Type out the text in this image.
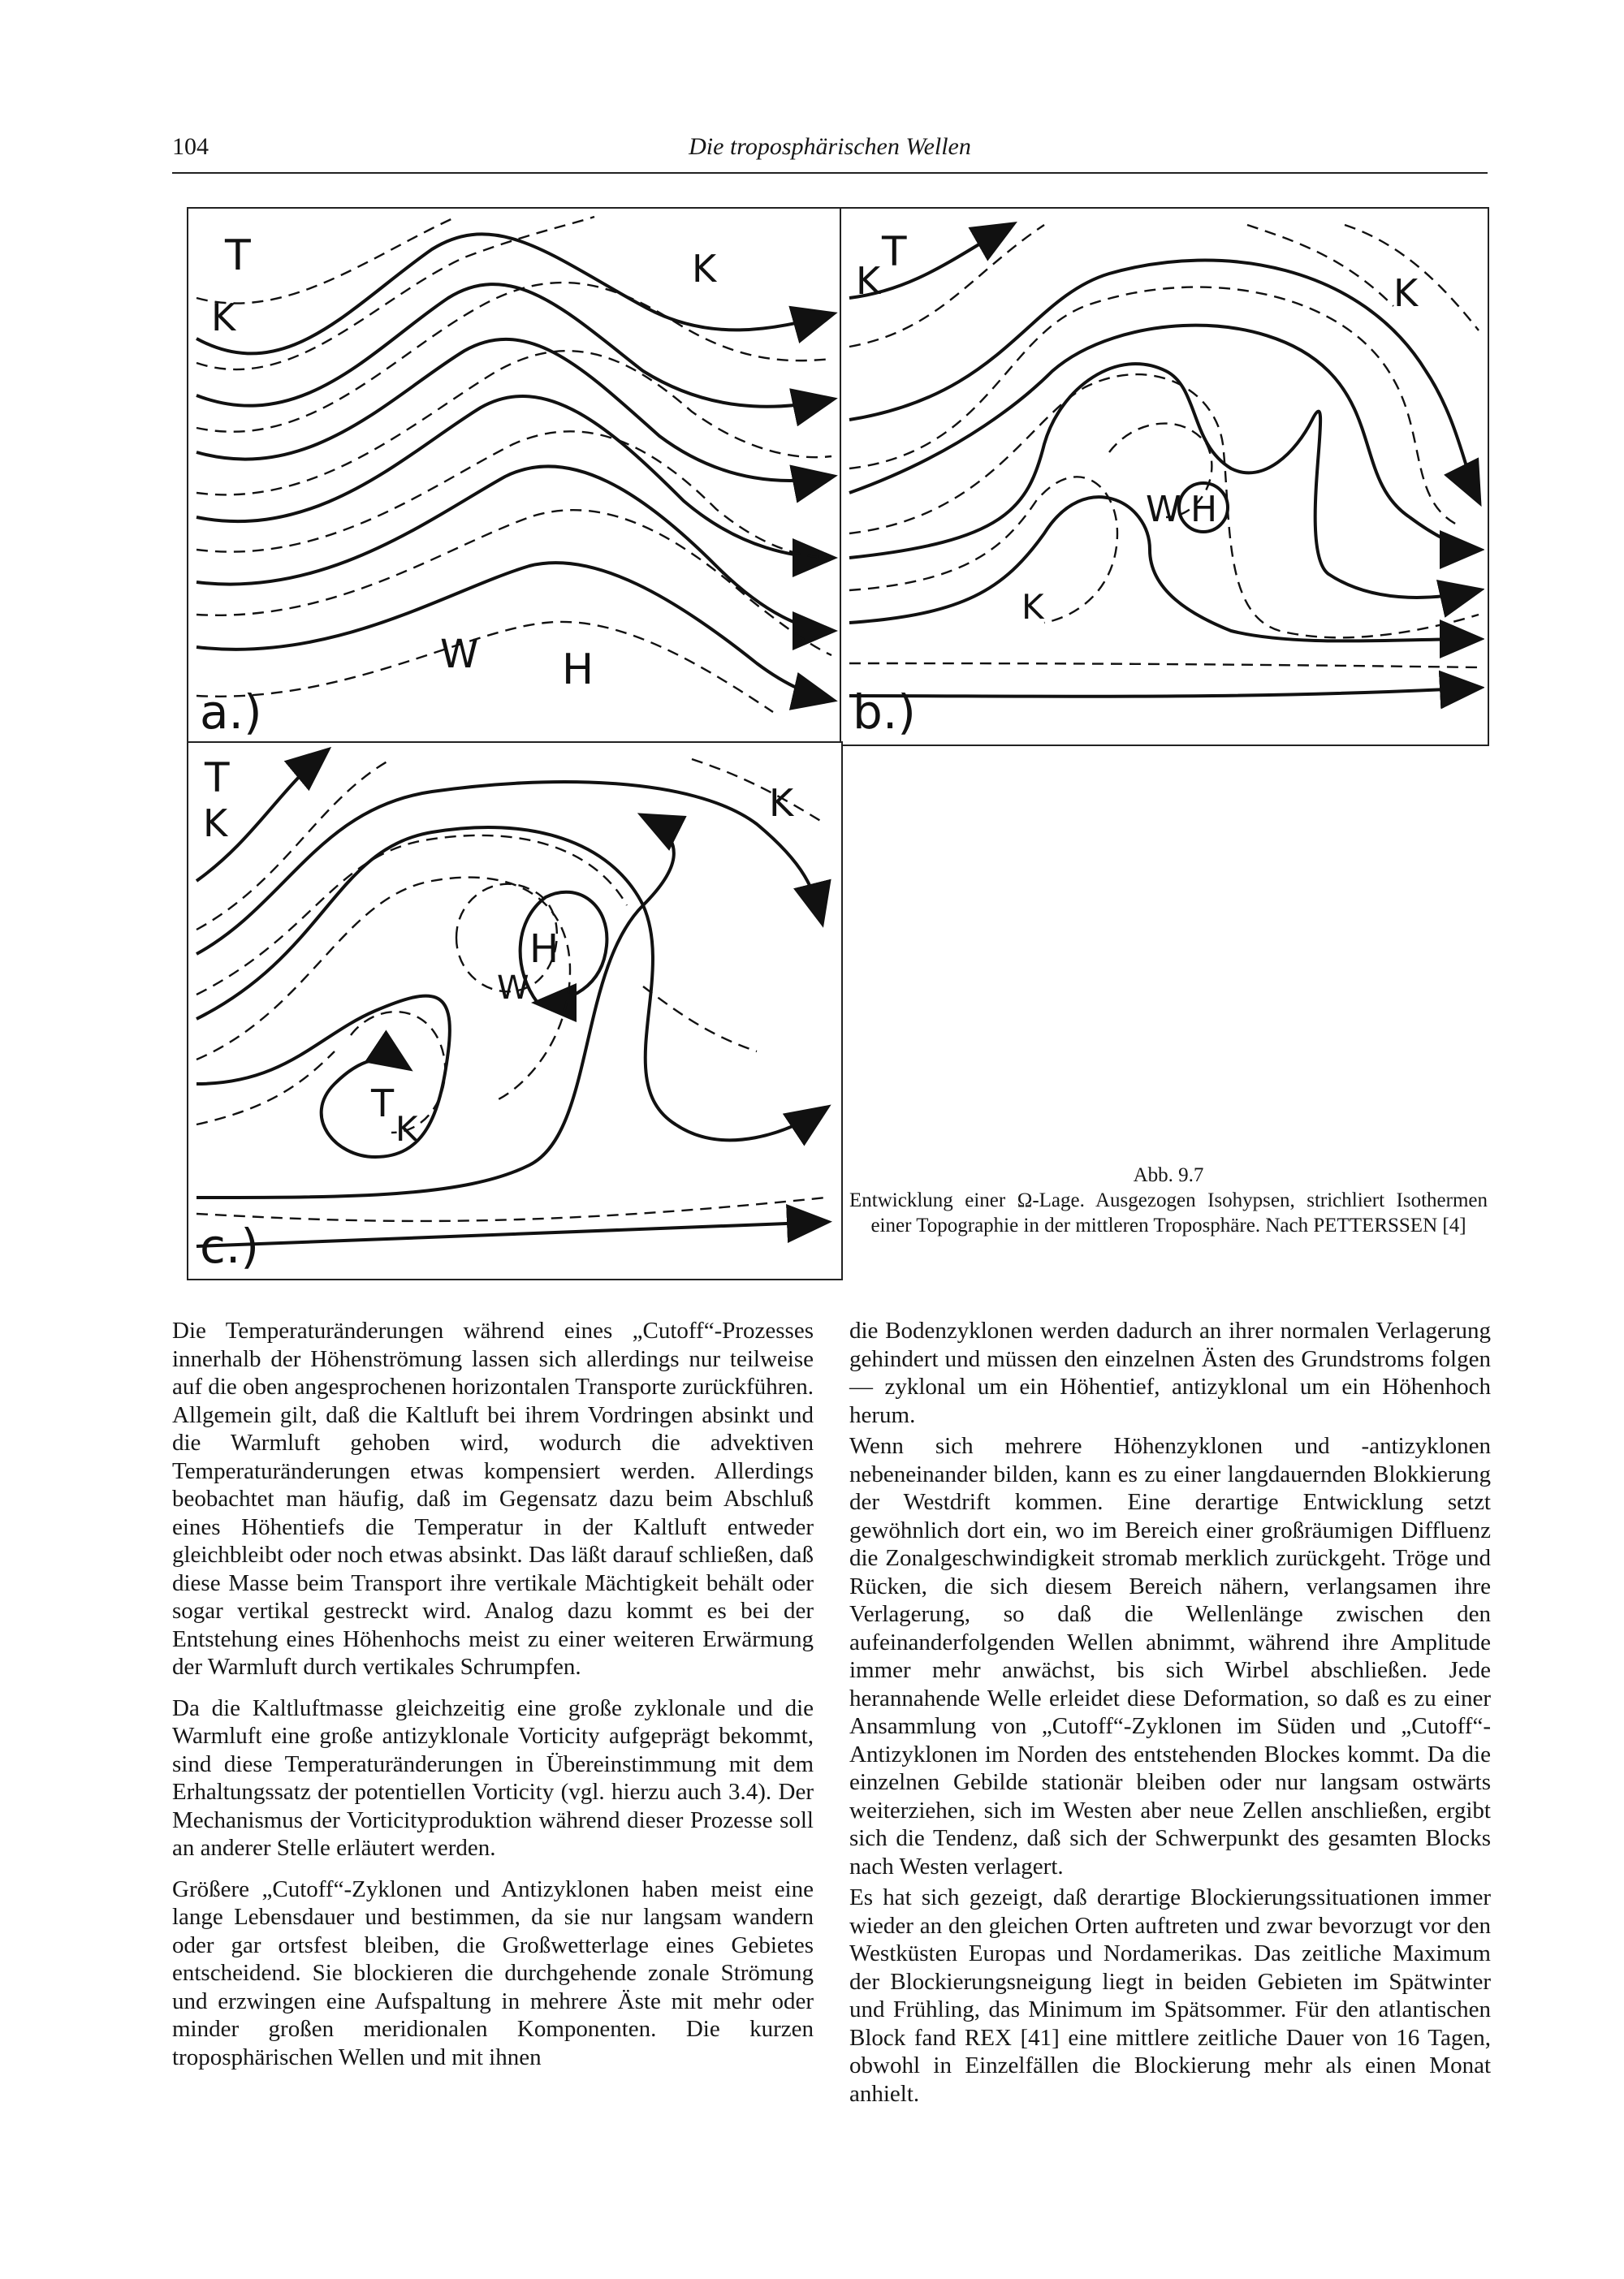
104	Die troposphärischen Wellen
T
K
K
W H
a.)
K
T
K
W H
K
b.)
T
K	K
H
W
T
K
c.)
Abb. 9.7
Entwicklung einer Ω-Lage. Ausgezogen Isohypsen, strichliert Isothermen einer Topographie in der mittleren Troposphäre. Nach PETTERSSEN [4]

Die Temperaturänderungen während eines „Cutoff“-Prozesses innerhalb der Höhenströmung lassen sich allerdings nur teilweise auf die oben angesprochenen horizontalen Transporte zurückführen. Allgemein gilt, daß die Kaltluft bei ihrem Vordringen absinkt und die Warmluft gehoben wird, wodurch die advektiven Temperaturänderungen etwas kompensiert werden. Allerdings beobachtet man häufig, daß im Gegensatz dazu beim Abschluß eines Höhentiefs die Temperatur in der Kaltluft entweder gleichbleibt oder noch etwas absinkt. Das läßt darauf schließen, daß diese Masse beim Transport ihre vertikale Mächtigkeit behält oder sogar vertikal gestreckt wird. Analog dazu kommt es bei der Entstehung eines Höhenhochs meist zu einer weiteren Erwärmung der Warmluft durch vertikales Schrumpfen.

Da die Kaltluftmasse gleichzeitig eine große zyklonale und die Warmluft eine große antizyklonale Vorticity aufgeprägt bekommt, sind diese Temperaturänderungen in Übereinstimmung mit dem Erhaltungssatz der potentiellen Vorticity (vgl. hierzu auch 3.4). Der Mechanismus der Vorticityproduktion während dieser Prozesse soll an anderer Stelle erläutert werden.

Größere „Cutoff“-Zyklonen und Antizyklonen haben meist eine lange Lebensdauer und bestimmen, da sie nur langsam wandern oder gar ortsfest bleiben, die Großwetterlage eines Gebietes entscheidend. Sie blockieren die durchgehende zonale Strömung und erzwingen eine Aufspaltung in mehrere Äste mit mehr oder minder großen meridionalen Komponenten. Die kurzen troposphärischen Wellen und mit ihnen

die Bodenzyklonen werden dadurch an ihrer normalen Verlagerung gehindert und müssen den einzelnen Ästen des Grundstroms folgen — zyklonal um ein Höhentief, antizyklonal um ein Höhenhoch herum.

Wenn sich mehrere Höhenzyklonen und -antizyklonen nebeneinander bilden, kann es zu einer langdauernden Blokkierung der Westdrift kommen. Eine derartige Entwicklung setzt gewöhnlich dort ein, wo im Bereich einer großräumigen Diffluenz die Zonalgeschwindigkeit stromab merklich zurückgeht. Tröge und Rücken, die sich diesem Bereich nähern, verlangsamen ihre Verlagerung, so daß die Wellenlänge zwischen den aufeinanderfolgenden Wellen abnimmt, während ihre Amplitude immer mehr anwächst, bis sich Wirbel abschließen. Jede herannahende Welle erleidet diese Deformation, so daß es zu einer Ansammlung von „Cutoff“-Zyklonen im Süden und „Cutoff“-Antizyklonen im Norden des entstehenden Blockes kommt. Da die einzelnen Gebilde stationär bleiben oder nur langsam ostwärts weiterziehen, sich im Westen aber neue Zellen anschließen, ergibt sich die Tendenz, daß sich der Schwerpunkt des gesamten Blocks nach Westen verlagert.

Es hat sich gezeigt, daß derartige Blockierungssituationen immer wieder an den gleichen Orten auftreten und zwar bevorzugt vor den Westküsten Europas und Nordamerikas. Das zeitliche Maximum der Blockierungsneigung liegt in beiden Gebieten im Spätwinter und Frühling, das Minimum im Spätsommer. Für den atlantischen Block fand REX [41] eine mittlere zeitliche Dauer von 16 Tagen, obwohl in Einzelfällen die Blockierung mehr als einen Monat anhielt.
